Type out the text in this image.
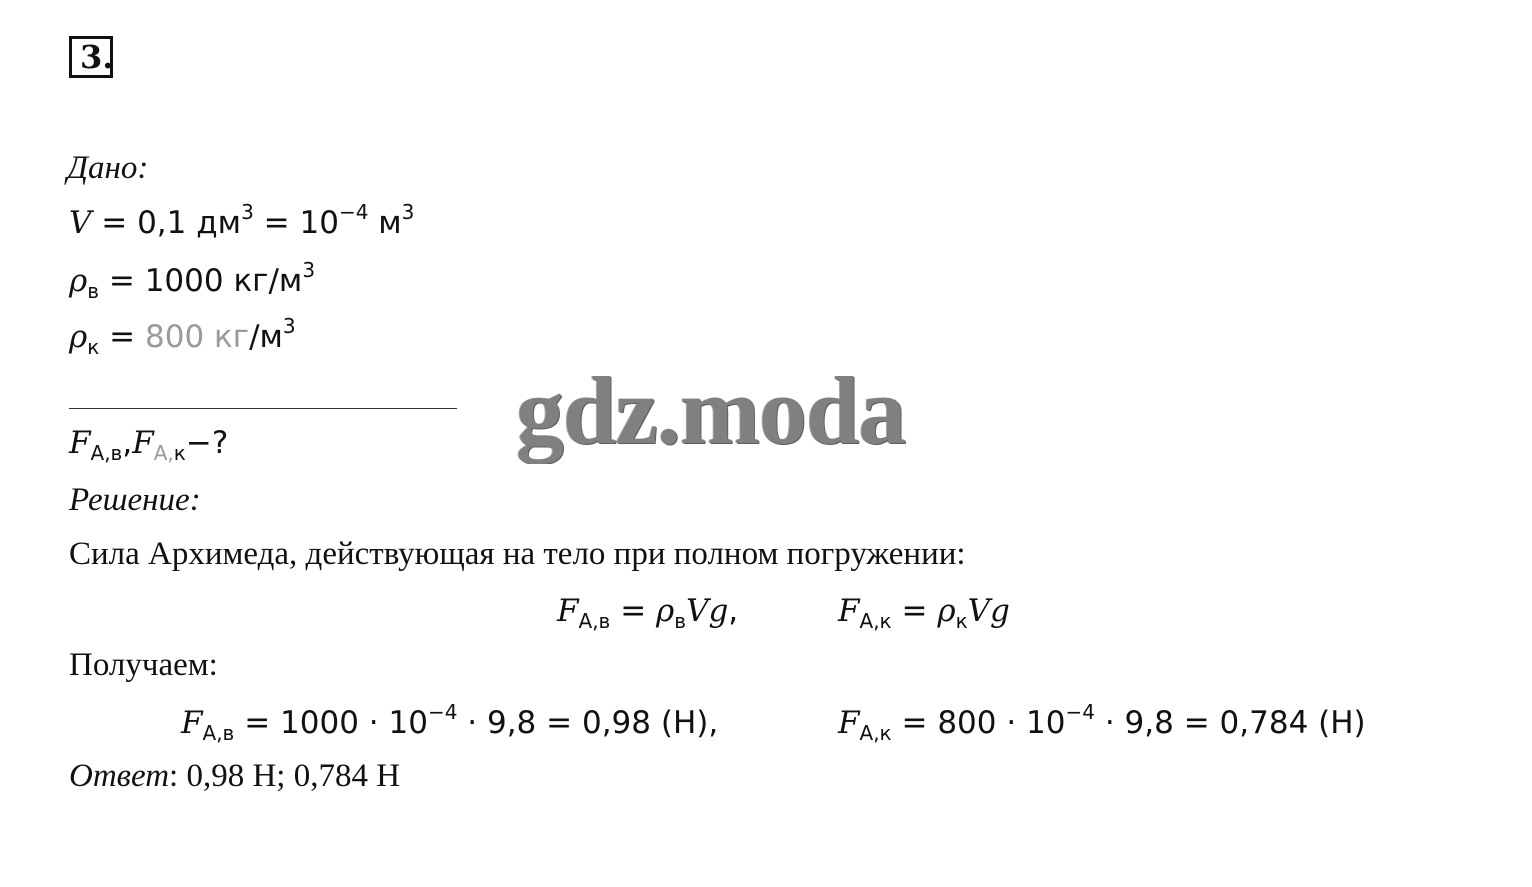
3.
Дано:
V = 0,1 $дм^3 = 10^{-4}$ $м^3$
$\rho_в = 1000$ $кг/м^3$
$\rho_к = 800$ $кг/м^3$
gdz.moda
$F_{А,в},F_{А,к}-$?
Решение:
Сила Архимеда, действующая на тело при полном погружении:
$F_{А,в} = \rho_вVg$,	$F_{А,к} = \rho_кVg$
Получаем:
$F_{А,в} = 1000 \cdot 10^{-4} \cdot 9,8 = 0,98$ (Н),	$F_{А,к} = 800 \cdot 10^{-4} \cdot 9,8 = 0,784$ (Н)
Ответ: 0,98 Н; 0,784 Н
